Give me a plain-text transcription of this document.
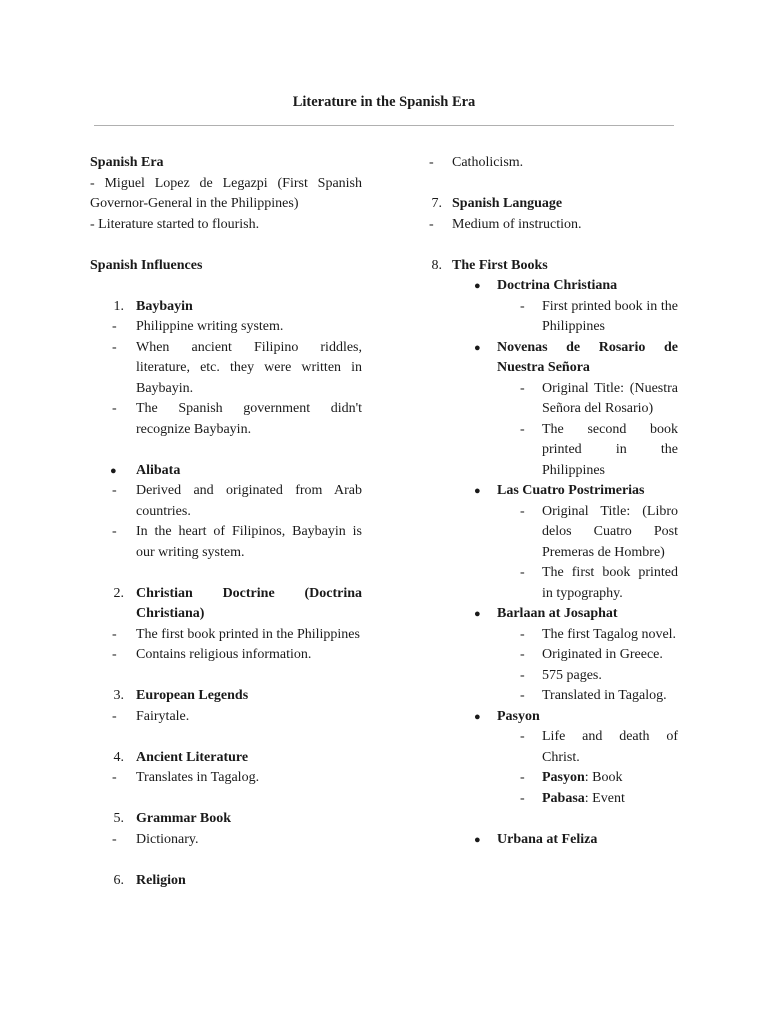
Literature in the Spanish Era

Spanish Era

- Miguel Lopez de Legazpi (First Spanish Governor-General in the Philippines)

- Literature started to flourish.

Spanish Influences

1. Baybayin
- Philippine writing system.
- When ancient Filipino riddles, literature, etc. they were written in Baybayin.
- The Spanish government didn't recognize Baybayin.
● Alibata
- Derived and originated from Arab countries.
- In the heart of Filipinos, Baybayin is our writing system.
2. Christian Doctrine (Doctrina Christiana)
- The first book printed in the Philippines
- Contains religious information.
3. European Legends
- Fairytale.
4. Ancient Literature
- Translates in Tagalog.
5. Grammar Book
- Dictionary.
6. Religion
- Catholicism.
7. Spanish Language
- Medium of instruction.
8. The First Books
● Doctrina Christiana
- First printed book in the Philippines
● Novenas de Rosario de Nuestra Señora
- Original Title: (Nuestra Señora del Rosario)
- The second book printed in the Philippines
● Las Cuatro Postrimerias
- Original Title: (Libro delos Cuatro Post Premeras de Hombre)
- The first book printed in typography.
● Barlaan at Josaphat
- The first Tagalog novel.
- Originated in Greece.
- 575 pages.
- Translated in Tagalog.
● Pasyon
- Life and death of Christ.
- Pasyon: Book
- Pabasa: Event
● Urbana at Feliza
